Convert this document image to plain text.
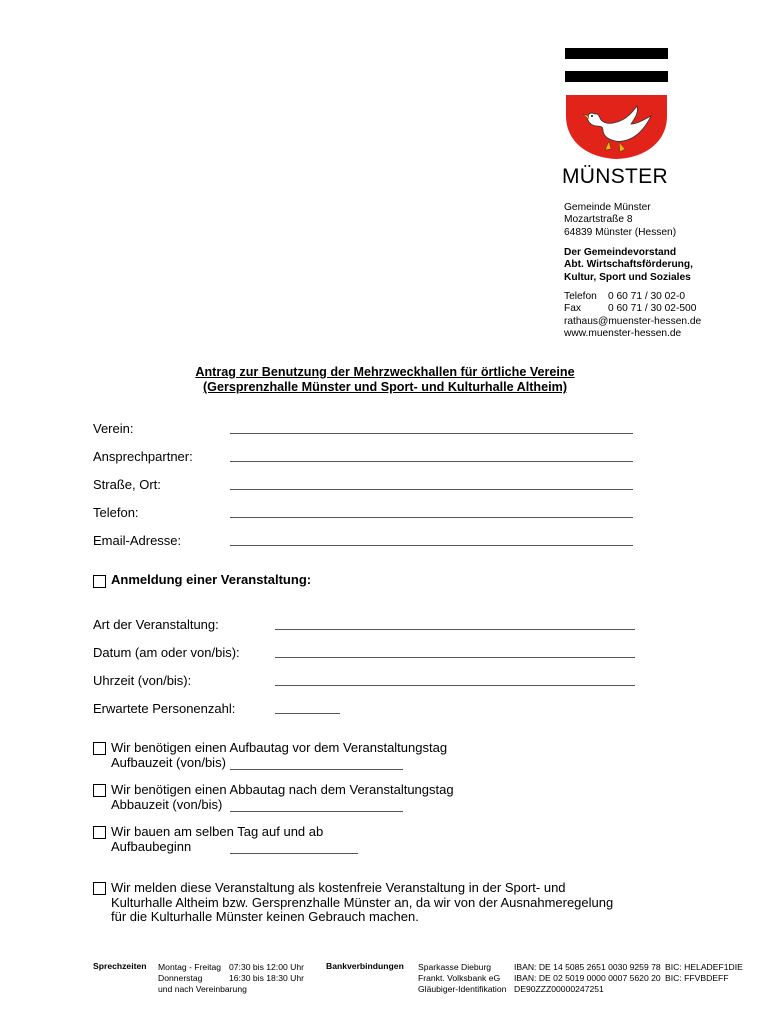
MÜNSTER
Gemeinde Münster
Mozartstraße 8
64839 Münster (Hessen)
Der Gemeindevorstand
Abt. Wirtschaftsförderung,
Kultur, Sport und Soziales
Telefon 0 60 71 / 30 02-0
Fax	0 60 71 / 30 02-500
rathaus@muenster-hessen.de
www.muenster-hessen.de
Antrag zur Benutzung der Mehrzweckhallen für örtliche Vereine
(Gersprenzhalle Münster und Sport- und Kulturhalle Altheim)
Verein:
Ansprechpartner:
Straße, Ort:
Telefon:
Email-Adresse:
Anmeldung einer Veranstaltung:
Art der Veranstaltung:
Datum (am oder von/bis):
Uhrzeit (von/bis):
Erwartete Personenzahl:
Wir benötigen einen Aufbautag vor dem Veranstaltungstag
Aufbauzeit (von/bis)
Wir benötigen einen Abbautag nach dem Veranstaltungstag
Abbauzeit (von/bis)
Wir bauen am selben Tag auf und ab
Aufbaubeginn
Wir melden diese Veranstaltung als kostenfreie Veranstaltung in der Sport- und
Kulturhalle Altheim bzw. Gersprenzhalle Münster an, da wir von der Ausnahmeregelung
für die Kulturhalle Münster keinen Gebrauch machen.
Sprechzeiten Montag - Freitag
Donnerstag
und nach Vereinbarung
07:30 bis 12:00 Uhr
16:30 bis 18:30 Uhr
Bankverbindungen Sparkasse Dieburg
Frankt. Volksbank eG
Gläubiger-Identifikation
IBAN: DE 14 5085 2651 0030 9259 78
IBAN: DE 02 5019 0000 0007 5620 20
DE90ZZZ00000247251
BIC: HELADEF1DIE
BIC: FFVBDEFF
